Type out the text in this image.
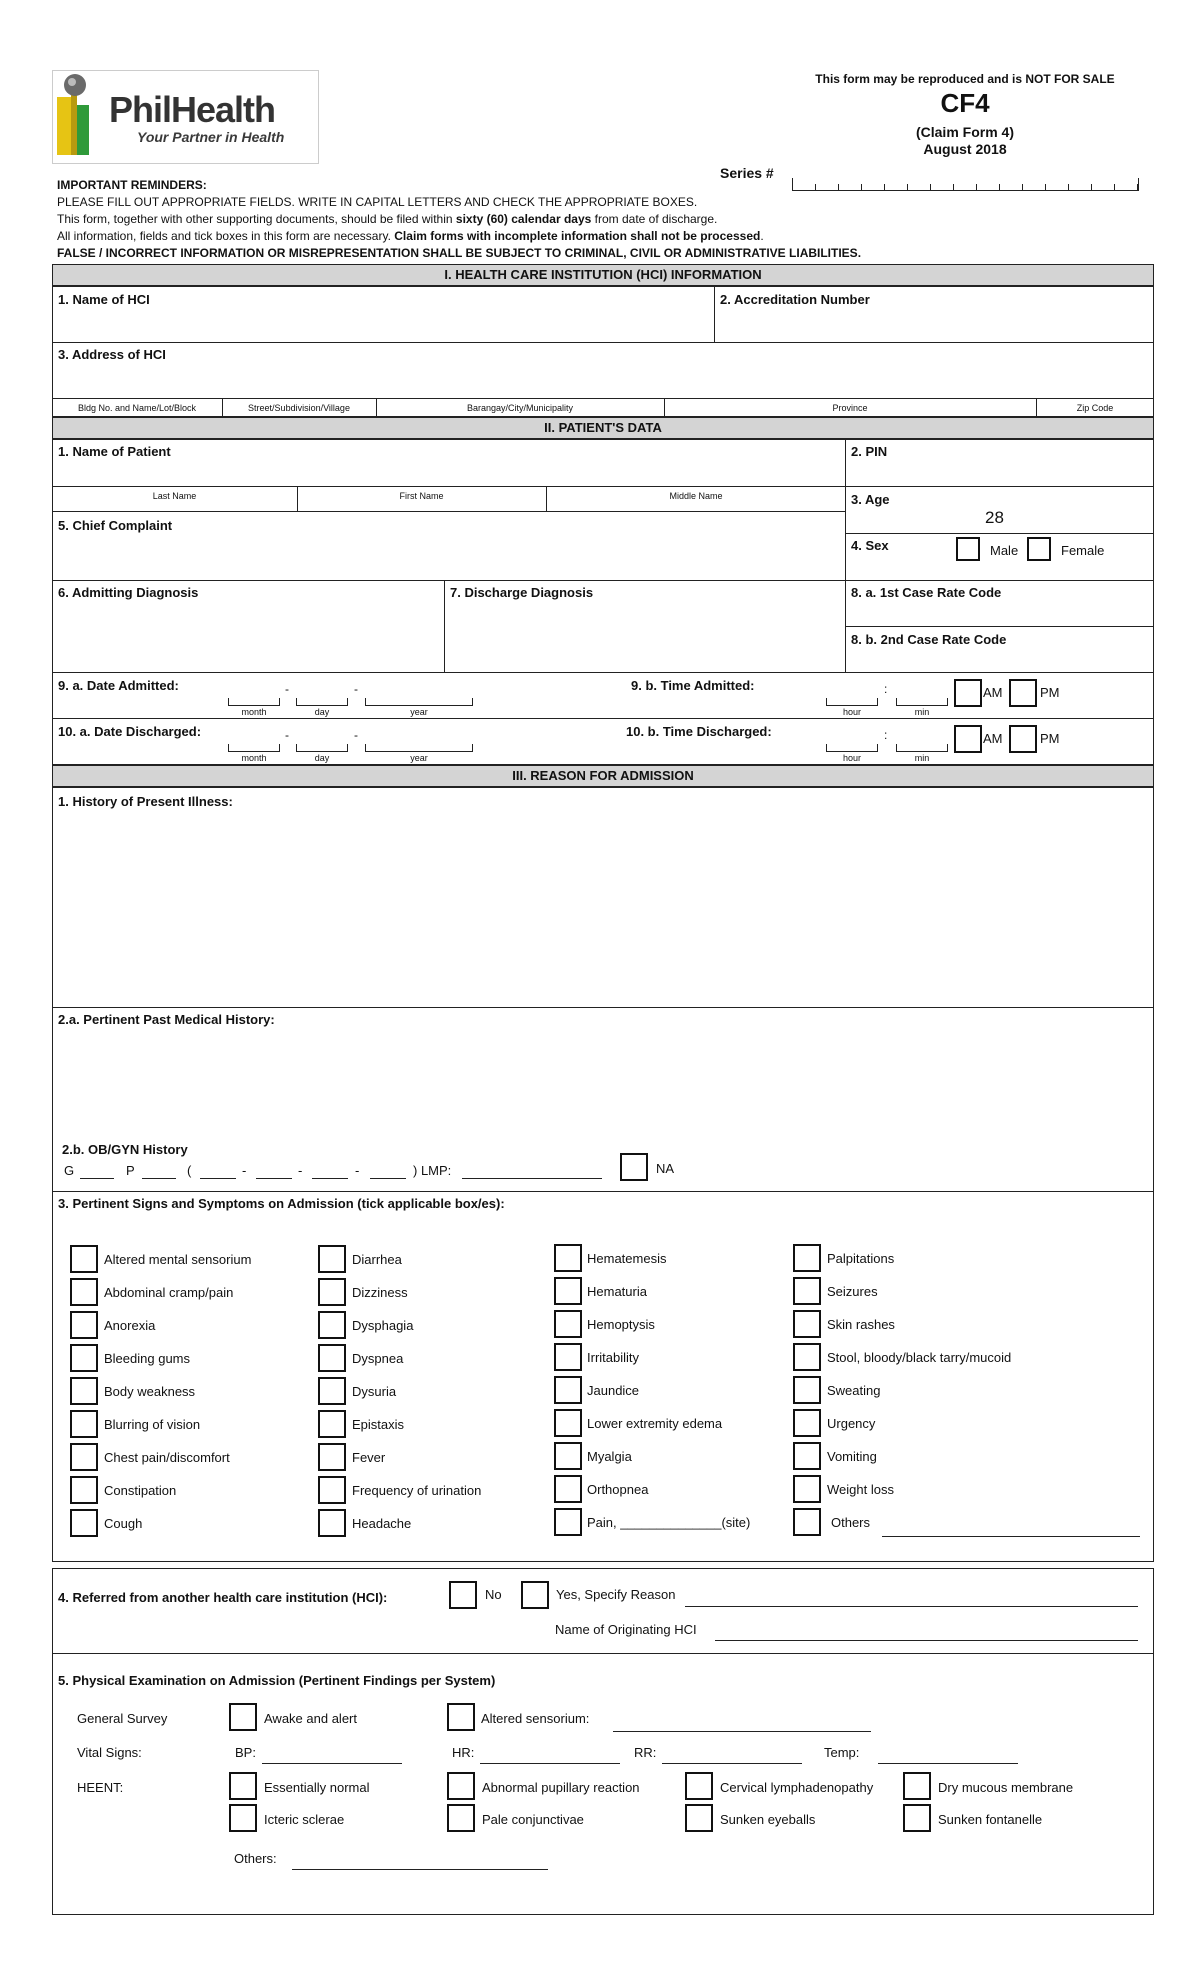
PhilHealth
Your Partner in Health
This form may be reproduced and is NOT FOR SALE
CF4
(Claim Form 4)
August 2018
Series #
IMPORTANT REMINDERS:
PLEASE FILL OUT APPROPRIATE FIELDS. WRITE IN CAPITAL LETTERS AND CHECK THE APPROPRIATE BOXES.
This form, together with other supporting documents, should be filed within sixty (60) calendar days from date of discharge.
All information, fields and tick boxes in this form are necessary. Claim forms with incomplete information shall not be processed.
FALSE / INCORRECT INFORMATION OR MISREPRESENTATION SHALL BE SUBJECT TO CRIMINAL, CIVIL OR ADMINISTRATIVE LIABILITIES.
I. HEALTH CARE INSTITUTION (HCI) INFORMATION
1. Name of HCI	2. Accreditation Number
3. Address of HCI
Bldg No. and Name/Lot/Block	Street/Subdivision/Village	Barangay/City/Municipality	Province	Zip Code
II. PATIENT'S DATA
1. Name of Patient	2. PIN
Last Name	First Name	Middle Name	3. Age
28
5. Chief Complaint
4. Sex	Male	Female
6. Admitting Diagnosis	7. Discharge Diagnosis	8. a. 1st Case Rate Code
8. b. 2nd Case Rate Code
9. a. Date Admitted:	-	-
month	day	year
9. b. Time Admitted:	:
hour	min
AM	PM
10. a. Date Discharged:	-	-
month	day	year
10. b. Time Discharged:	:
hour	min
AM	PM
III. REASON FOR ADMISSION
1. History of Present Illness:
2.a. Pertinent Past Medical History:
2.b. OB/GYN History
G	P	(	-	-	-	) LMP:	NA
3. Pertinent Signs and Symptoms on Admission (tick applicable box/es):
Altered mental sensorium
Abdominal cramp/pain
Anorexia
Bleeding gums
Body weakness
Blurring of vision
Chest pain/discomfort
Constipation
Cough
Diarrhea
Dizziness
Dysphagia
Dyspnea
Dysuria
Epistaxis
Fever
Frequency of urination
Headache
Hematemesis
Hematuria
Hemoptysis
Irritability
Jaundice
Lower extremity edema
Myalgia
Orthopnea
Pain, ______________(site)
Palpitations
Seizures
Skin rashes
Stool, bloody/black tarry/mucoid
Sweating
Urgency
Vomiting
Weight loss
Others
4. Referred from another health care institution (HCI):	No	Yes, Specify Reason
Name of Originating HCI
5. Physical Examination on Admission (Pertinent Findings per System)
General Survey	Awake and alert	Altered sensorium:
Vital Signs:	BP:	HR:	RR:	Temp:
HEENT:	Essentially normal	Abnormal pupillary reaction	Cervical lymphadenopathy	Dry mucous membrane
Icteric sclerae	Pale conjunctivae	Sunken eyeballs	Sunken fontanelle
Others:
